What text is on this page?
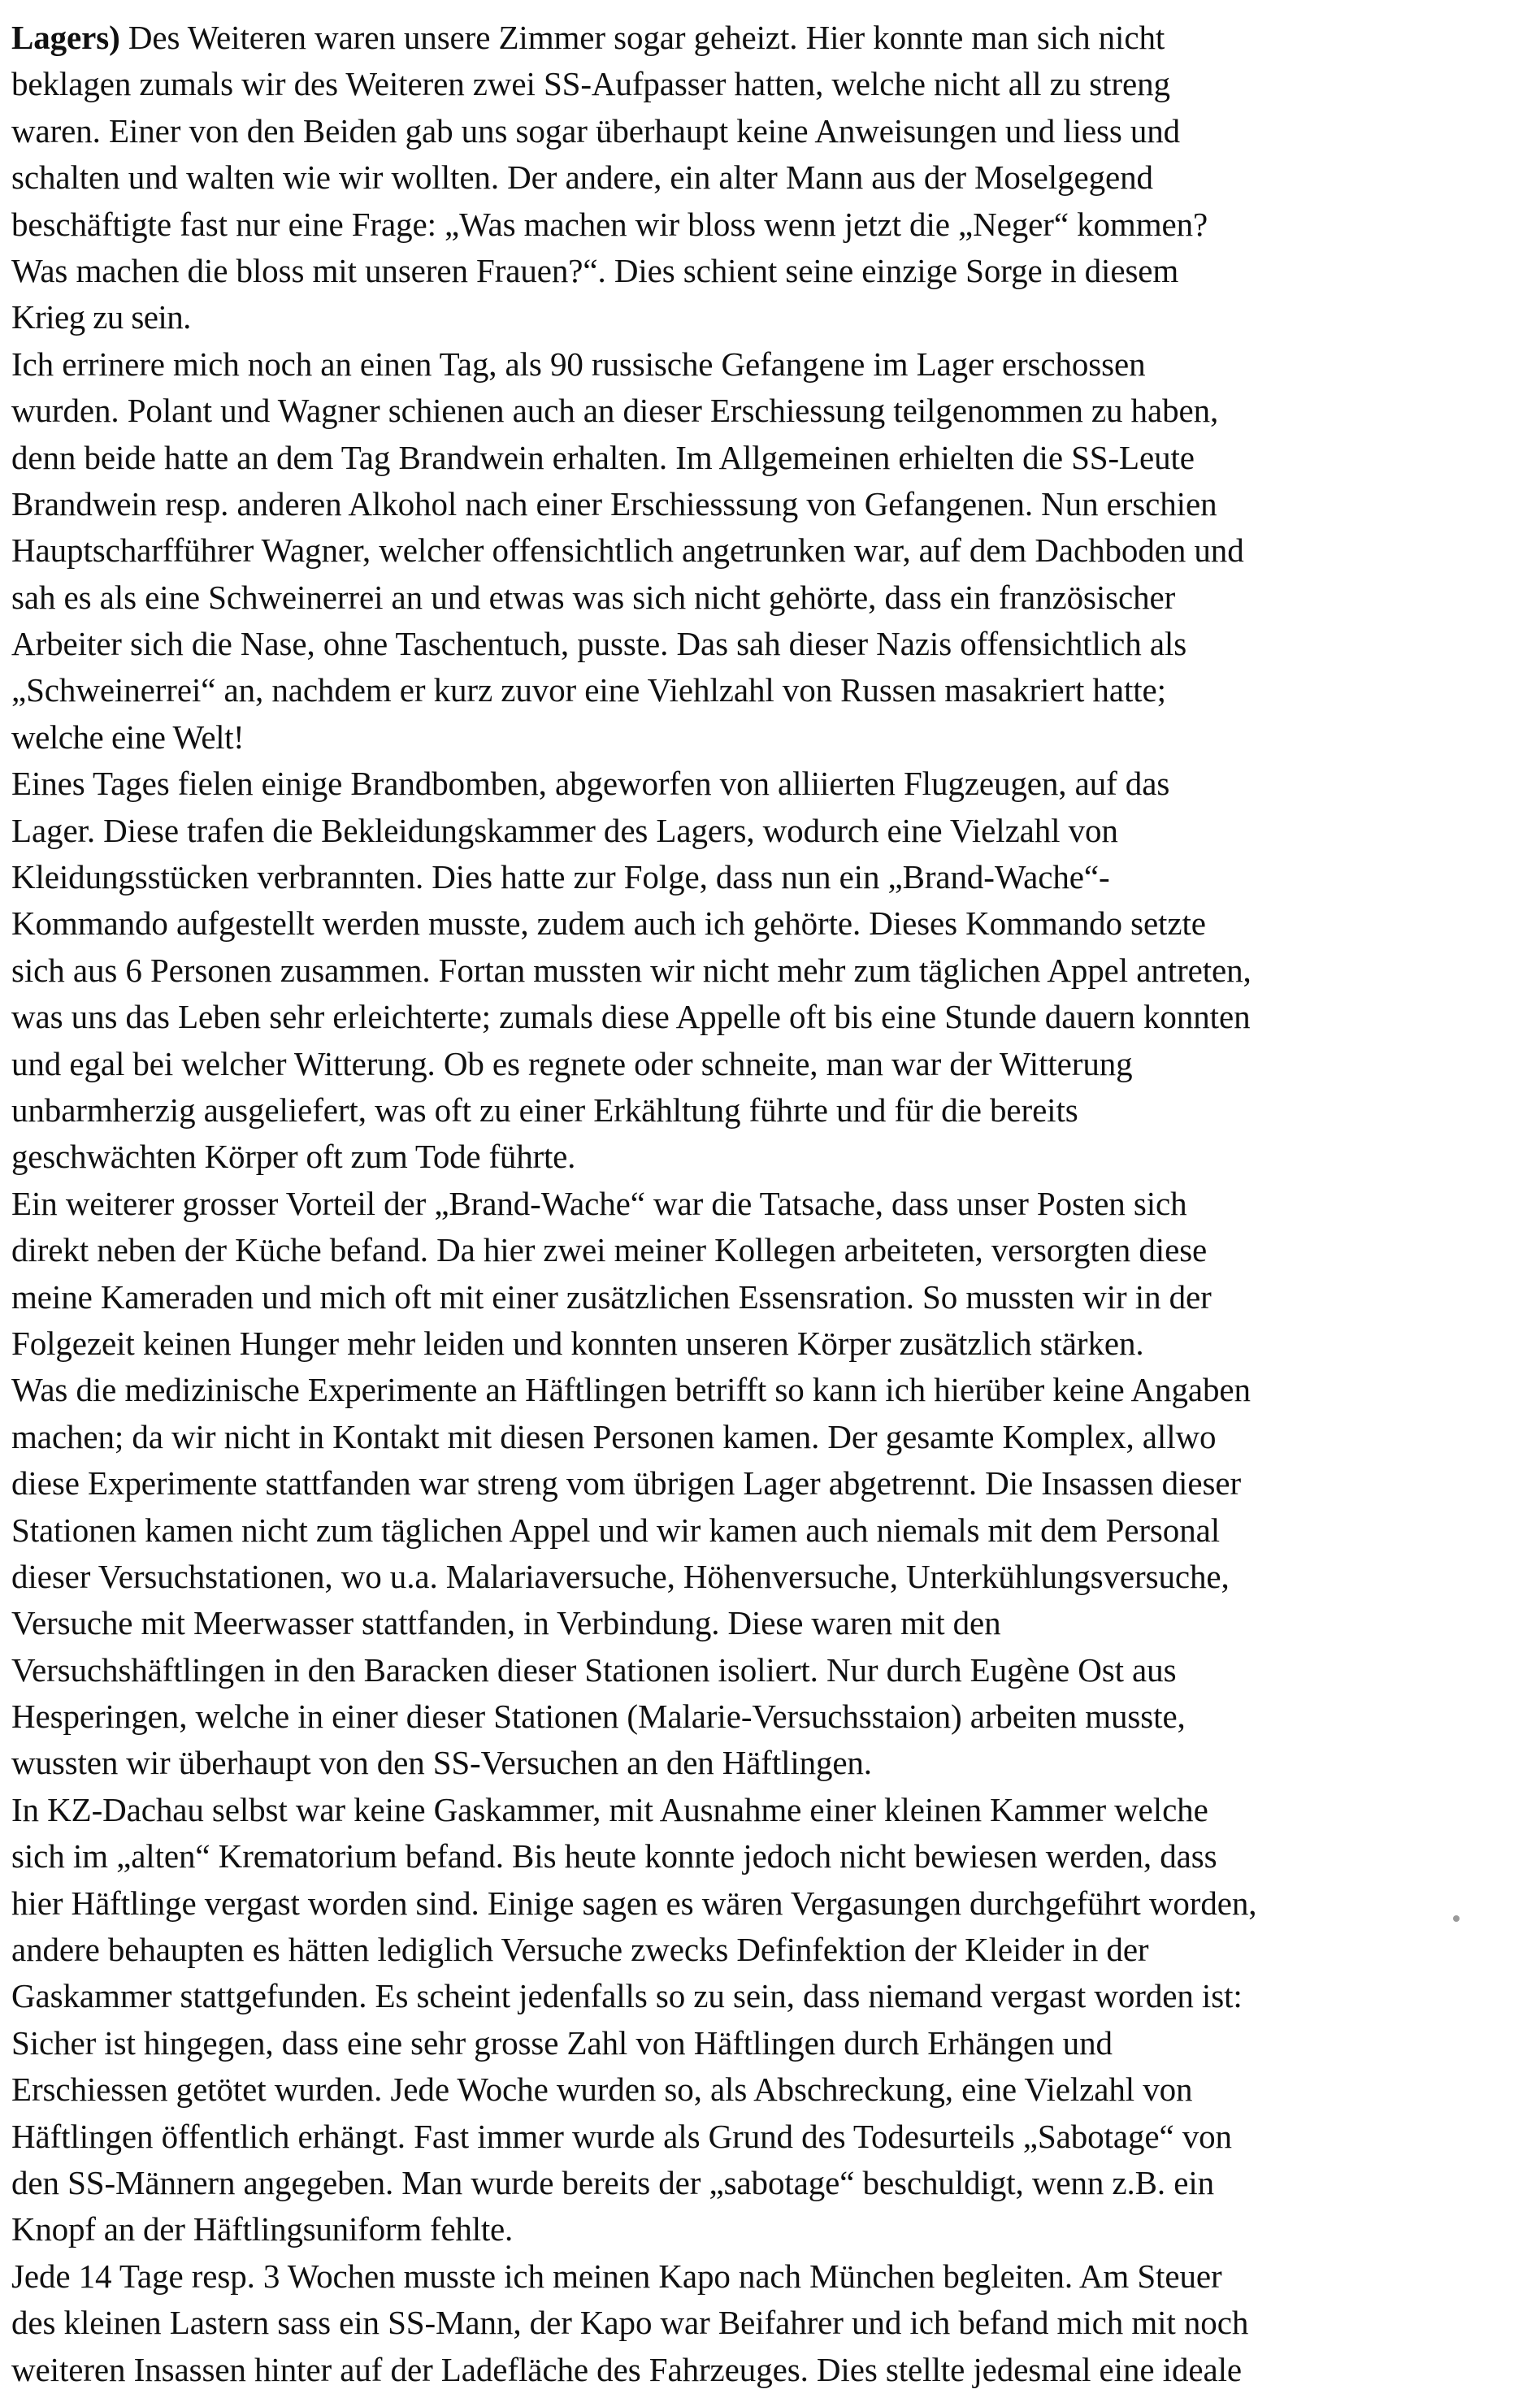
Lagers) Des Weiteren waren unsere Zimmer sogar geheizt. Hier konnte man sich nicht
beklagen zumals wir des Weiteren zwei SS-Aufpasser hatten, welche nicht all zu streng
waren. Einer von den Beiden gab uns sogar überhaupt keine Anweisungen und liess und
schalten und walten wie wir wollten. Der andere, ein alter Mann aus der Moselgegend
beschäftigte fast nur eine Frage: „Was machen wir bloss wenn jetzt die „Neger“ kommen?
Was machen die bloss mit unseren Frauen?“. Dies schient seine einzige Sorge in diesem
Krieg zu sein.
Ich errinere mich noch an einen Tag, als 90 russische Gefangene im Lager erschossen
wurden. Polant und Wagner schienen auch an dieser Erschiessung teilgenommen zu haben,
denn beide hatte an dem Tag Brandwein erhalten. Im Allgemeinen erhielten die SS-Leute
Brandwein resp. anderen Alkohol nach einer Erschiesssung von Gefangenen. Nun erschien
Hauptscharfführer Wagner, welcher offensichtlich angetrunken war, auf dem Dachboden und
sah es als eine Schweinerrei an und etwas was sich nicht gehörte, dass ein französischer
Arbeiter sich die Nase, ohne Taschentuch, pusste. Das sah dieser Nazis offensichtlich als
„Schweinerrei“ an, nachdem er kurz zuvor eine Viehlzahl von Russen masakriert hatte;
welche eine Welt!
Eines Tages fielen einige Brandbomben, abgeworfen von alliierten Flugzeugen, auf das
Lager. Diese trafen die Bekleidungskammer des Lagers, wodurch eine Vielzahl von
Kleidungsstücken verbrannten. Dies hatte zur Folge, dass nun ein „Brand-Wache“-
Kommando aufgestellt werden musste, zudem auch ich gehörte. Dieses Kommando setzte
sich aus 6 Personen zusammen. Fortan mussten wir nicht mehr zum täglichen Appel antreten,
was uns das Leben sehr erleichterte; zumals diese Appelle oft bis eine Stunde dauern konnten
und egal bei welcher Witterung. Ob es regnete oder schneite, man war der Witterung
unbarmherzig ausgeliefert, was oft zu einer Erkähltung führte und für die bereits
geschwächten Körper oft zum Tode führte.
Ein weiterer grosser Vorteil der „Brand-Wache“ war die Tatsache, dass unser Posten sich
direkt neben der Küche befand. Da hier zwei meiner Kollegen arbeiteten, versorgten diese
meine Kameraden und mich oft mit einer zusätzlichen Essensration. So mussten wir in der
Folgezeit keinen Hunger mehr leiden und konnten unseren Körper zusätzlich stärken.
Was die medizinische Experimente an Häftlingen betrifft so kann ich hierüber keine Angaben
machen; da wir nicht in Kontakt mit diesen Personen kamen. Der gesamte Komplex, allwo
diese Experimente stattfanden war streng vom übrigen Lager abgetrennt. Die Insassen dieser
Stationen kamen nicht zum täglichen Appel und wir kamen auch niemals mit dem Personal
dieser Versuchstationen, wo u.a. Malariaversuche, Höhenversuche, Unterkühlungsversuche,
Versuche mit Meerwasser stattfanden, in Verbindung. Diese waren mit den
Versuchshäftlingen in den Baracken dieser Stationen isoliert. Nur durch Eugène Ost aus
Hesperingen, welche in einer dieser Stationen (Malarie-Versuchsstaion) arbeiten musste,
wussten wir überhaupt von den SS-Versuchen an den Häftlingen.
In KZ-Dachau selbst war keine Gaskammer, mit Ausnahme einer kleinen Kammer welche
sich im „alten“ Krematorium befand. Bis heute konnte jedoch nicht bewiesen werden, dass
hier Häftlinge vergast worden sind. Einige sagen es wären Vergasungen durchgeführt worden,
andere behaupten es hätten lediglich Versuche zwecks Definfektion der Kleider in der
Gaskammer stattgefunden. Es scheint jedenfalls so zu sein, dass niemand vergast worden ist:
Sicher ist hingegen, dass eine sehr grosse Zahl von Häftlingen durch Erhängen und
Erschiessen getötet wurden. Jede Woche wurden so, als Abschreckung, eine Vielzahl von
Häftlingen öffentlich erhängt. Fast immer wurde als Grund des Todesurteils „Sabotage“ von
den SS-Männern angegeben. Man wurde bereits der „sabotage“ beschuldigt, wenn z.B. ein
Knopf an der Häftlingsuniform fehlte.
Jede 14 Tage resp. 3 Wochen musste ich meinen Kapo nach München begleiten. Am Steuer
des kleinen Lastern sass ein SS-Mann, der Kapo war Beifahrer und ich befand mich mit noch
weiteren Insassen hinter auf der Ladefläche des Fahrzeuges. Dies stellte jedesmal eine ideale
